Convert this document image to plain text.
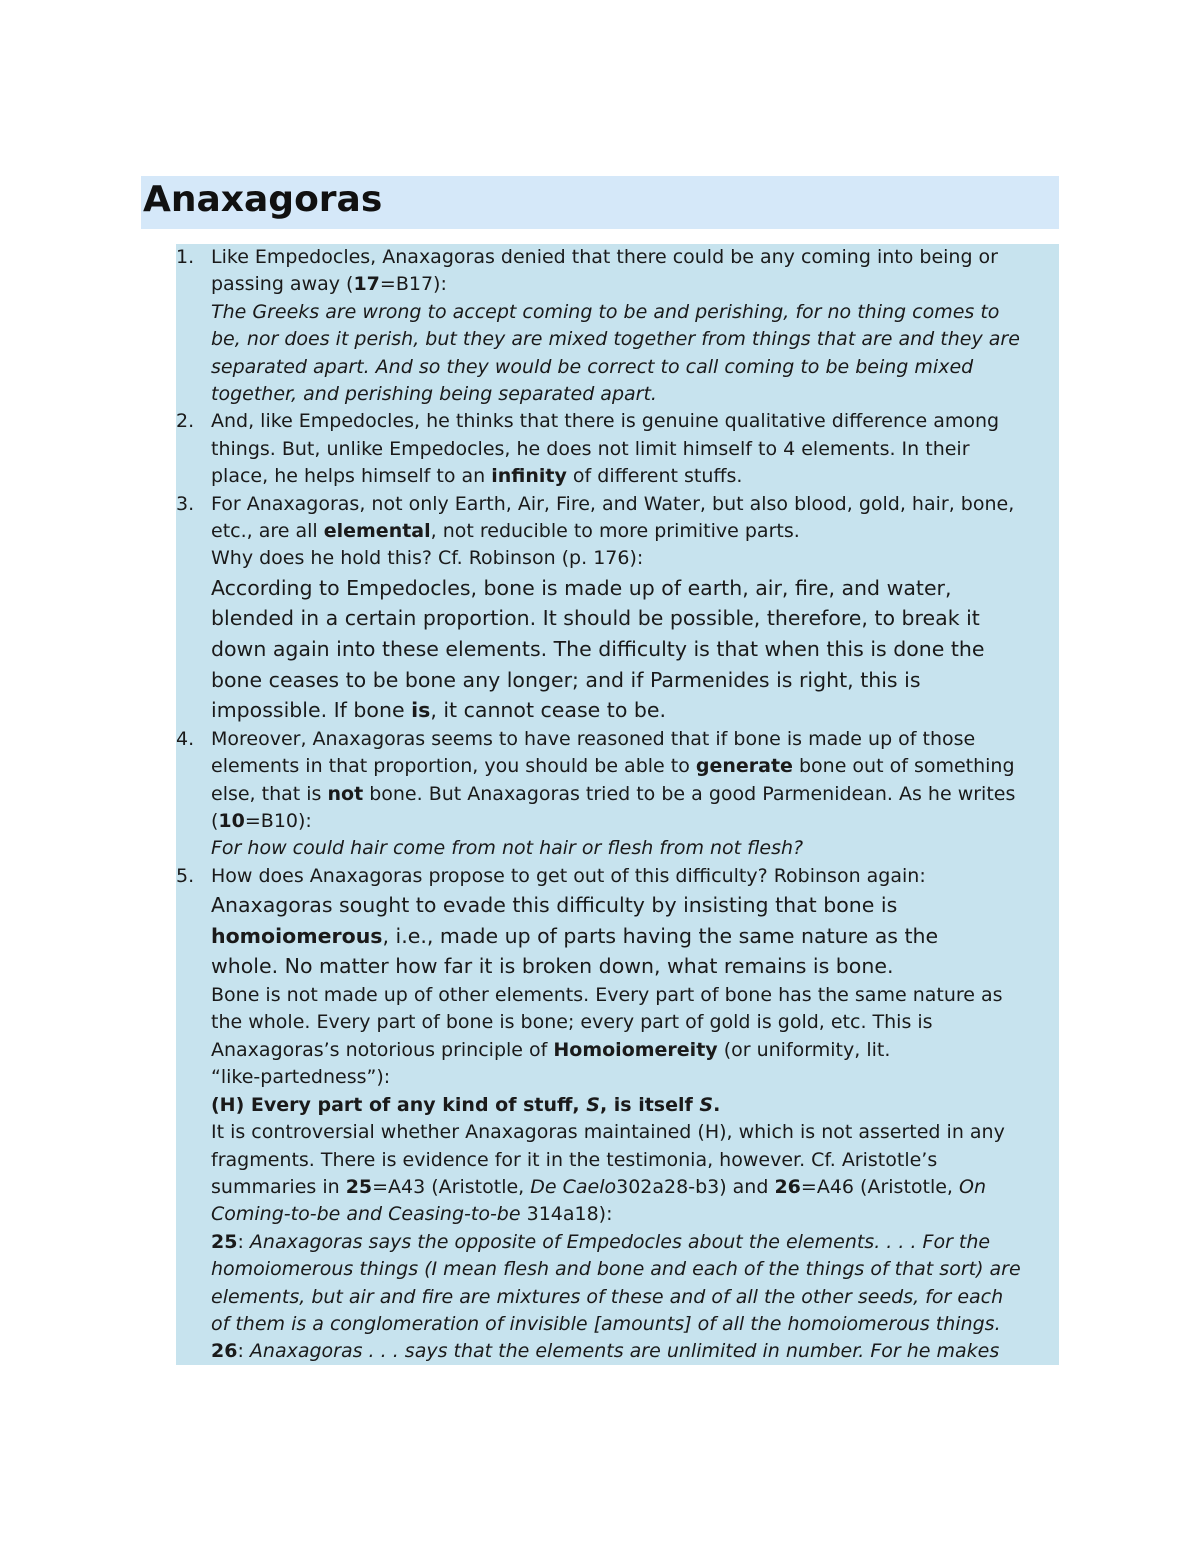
Anaxagoras
1. Like Empedocles, Anaxagoras denied that there could be any coming into being or
passing away (17=B17):
The Greeks are wrong to accept coming to be and perishing, for no thing comes to
be, nor does it perish, but they are mixed together from things that are and they are
separated apart. And so they would be correct to call coming to be being mixed
together, and perishing being separated apart.
2. And, like Empedocles, he thinks that there is genuine qualitative difference among
things. But, unlike Empedocles, he does not limit himself to 4 elements. In their
place, he helps himself to an infinity of different stuffs.
3. For Anaxagoras, not only Earth, Air, Fire, and Water, but also blood, gold, hair, bone,
etc., are all elemental, not reducible to more primitive parts.
Why does he hold this? Cf. Robinson (p. 176):
According to Empedocles, bone is made up of earth, air, fire, and water,
blended in a certain proportion. It should be possible, therefore, to break it
down again into these elements. The difficulty is that when this is done the
bone ceases to be bone any longer; and if Parmenides is right, this is
impossible. If bone is, it cannot cease to be.
4. Moreover, Anaxagoras seems to have reasoned that if bone is made up of those
elements in that proportion, you should be able to generate bone out of something
else, that is not bone. But Anaxagoras tried to be a good Parmenidean. As he writes
(10=B10):
For how could hair come from not hair or flesh from not flesh?
5. How does Anaxagoras propose to get out of this difficulty? Robinson again:
Anaxagoras sought to evade this difficulty by insisting that bone is
homoiomerous, i.e., made up of parts having the same nature as the
whole. No matter how far it is broken down, what remains is bone.
Bone is not made up of other elements. Every part of bone has the same nature as
the whole. Every part of bone is bone; every part of gold is gold, etc. This is
Anaxagoras’s notorious principle of Homoiomereity (or uniformity, lit.
“like-partedness”):
(H) Every part of any kind of stuff, S, is itself S.
It is controversial whether Anaxagoras maintained (H), which is not asserted in any
fragments. There is evidence for it in the testimonia, however. Cf. Aristotle’s
summaries in 25=A43 (Aristotle, De Caelo302a28-b3) and 26=A46 (Aristotle, On
Coming-to-be and Ceasing-to-be 314a18):
25: Anaxagoras says the opposite of Empedocles about the elements. . . . For the
homoiomerous things (I mean flesh and bone and each of the things of that sort) are
elements, but air and fire are mixtures of these and of all the other seeds, for each
of them is a conglomeration of invisible [amounts] of all the homoiomerous things.
26: Anaxagoras . . . says that the elements are unlimited in number. For he makes
